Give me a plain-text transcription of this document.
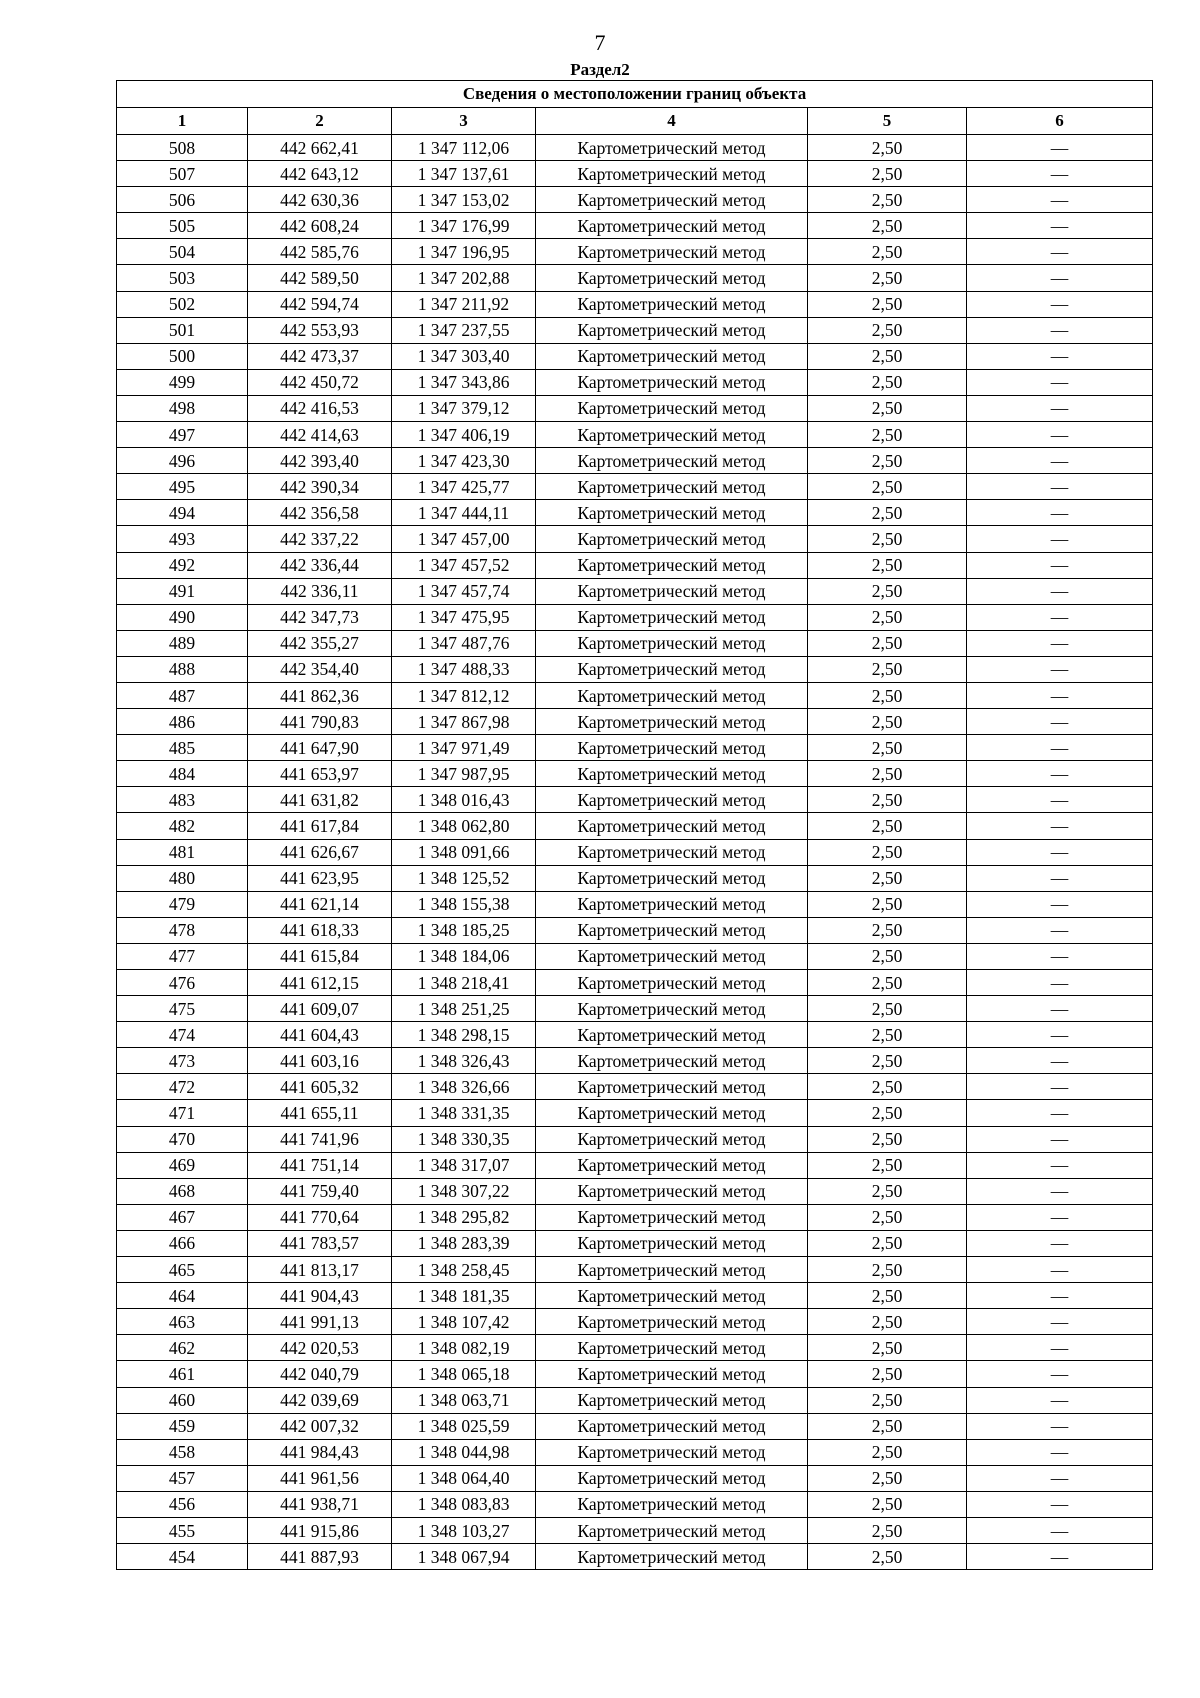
7
Раздел2
Сведения о местоположении границ объекта					
1	2	3	4	5	6
508	442 662,41	1 347 112,06	Картометрический метод	2,50	—
507	442 643,12	1 347 137,61	Картометрический метод	2,50	—
506	442 630,36	1 347 153,02	Картометрический метод	2,50	—
505	442 608,24	1 347 176,99	Картометрический метод	2,50	—
504	442 585,76	1 347 196,95	Картометрический метод	2,50	—
503	442 589,50	1 347 202,88	Картометрический метод	2,50	—
502	442 594,74	1 347 211,92	Картометрический метод	2,50	—
501	442 553,93	1 347 237,55	Картометрический метод	2,50	—
500	442 473,37	1 347 303,40	Картометрический метод	2,50	—
499	442 450,72	1 347 343,86	Картометрический метод	2,50	—
498	442 416,53	1 347 379,12	Картометрический метод	2,50	—
497	442 414,63	1 347 406,19	Картометрический метод	2,50	—
496	442 393,40	1 347 423,30	Картометрический метод	2,50	—
495	442 390,34	1 347 425,77	Картометрический метод	2,50	—
494	442 356,58	1 347 444,11	Картометрический метод	2,50	—
493	442 337,22	1 347 457,00	Картометрический метод	2,50	—
492	442 336,44	1 347 457,52	Картометрический метод	2,50	—
491	442 336,11	1 347 457,74	Картометрический метод	2,50	—
490	442 347,73	1 347 475,95	Картометрический метод	2,50	—
489	442 355,27	1 347 487,76	Картометрический метод	2,50	—
488	442 354,40	1 347 488,33	Картометрический метод	2,50	—
487	441 862,36	1 347 812,12	Картометрический метод	2,50	—
486	441 790,83	1 347 867,98	Картометрический метод	2,50	—
485	441 647,90	1 347 971,49	Картометрический метод	2,50	—
484	441 653,97	1 347 987,95	Картометрический метод	2,50	—
483	441 631,82	1 348 016,43	Картометрический метод	2,50	—
482	441 617,84	1 348 062,80	Картометрический метод	2,50	—
481	441 626,67	1 348 091,66	Картометрический метод	2,50	—
480	441 623,95	1 348 125,52	Картометрический метод	2,50	—
479	441 621,14	1 348 155,38	Картометрический метод	2,50	—
478	441 618,33	1 348 185,25	Картометрический метод	2,50	—
477	441 615,84	1 348 184,06	Картометрический метод	2,50	—
476	441 612,15	1 348 218,41	Картометрический метод	2,50	—
475	441 609,07	1 348 251,25	Картометрический метод	2,50	—
474	441 604,43	1 348 298,15	Картометрический метод	2,50	—
473	441 603,16	1 348 326,43	Картометрический метод	2,50	—
472	441 605,32	1 348 326,66	Картометрический метод	2,50	—
471	441 655,11	1 348 331,35	Картометрический метод	2,50	—
470	441 741,96	1 348 330,35	Картометрический метод	2,50	—
469	441 751,14	1 348 317,07	Картометрический метод	2,50	—
468	441 759,40	1 348 307,22	Картометрический метод	2,50	—
467	441 770,64	1 348 295,82	Картометрический метод	2,50	—
466	441 783,57	1 348 283,39	Картометрический метод	2,50	—
465	441 813,17	1 348 258,45	Картометрический метод	2,50	—
464	441 904,43	1 348 181,35	Картометрический метод	2,50	—
463	441 991,13	1 348 107,42	Картометрический метод	2,50	—
462	442 020,53	1 348 082,19	Картометрический метод	2,50	—
461	442 040,79	1 348 065,18	Картометрический метод	2,50	—
460	442 039,69	1 348 063,71	Картометрический метод	2,50	—
459	442 007,32	1 348 025,59	Картометрический метод	2,50	—
458	441 984,43	1 348 044,98	Картометрический метод	2,50	—
457	441 961,56	1 348 064,40	Картометрический метод	2,50	—
456	441 938,71	1 348 083,83	Картометрический метод	2,50	—
455	441 915,86	1 348 103,27	Картометрический метод	2,50	—
454	441 887,93	1 348 067,94	Картометрический метод	2,50	—
